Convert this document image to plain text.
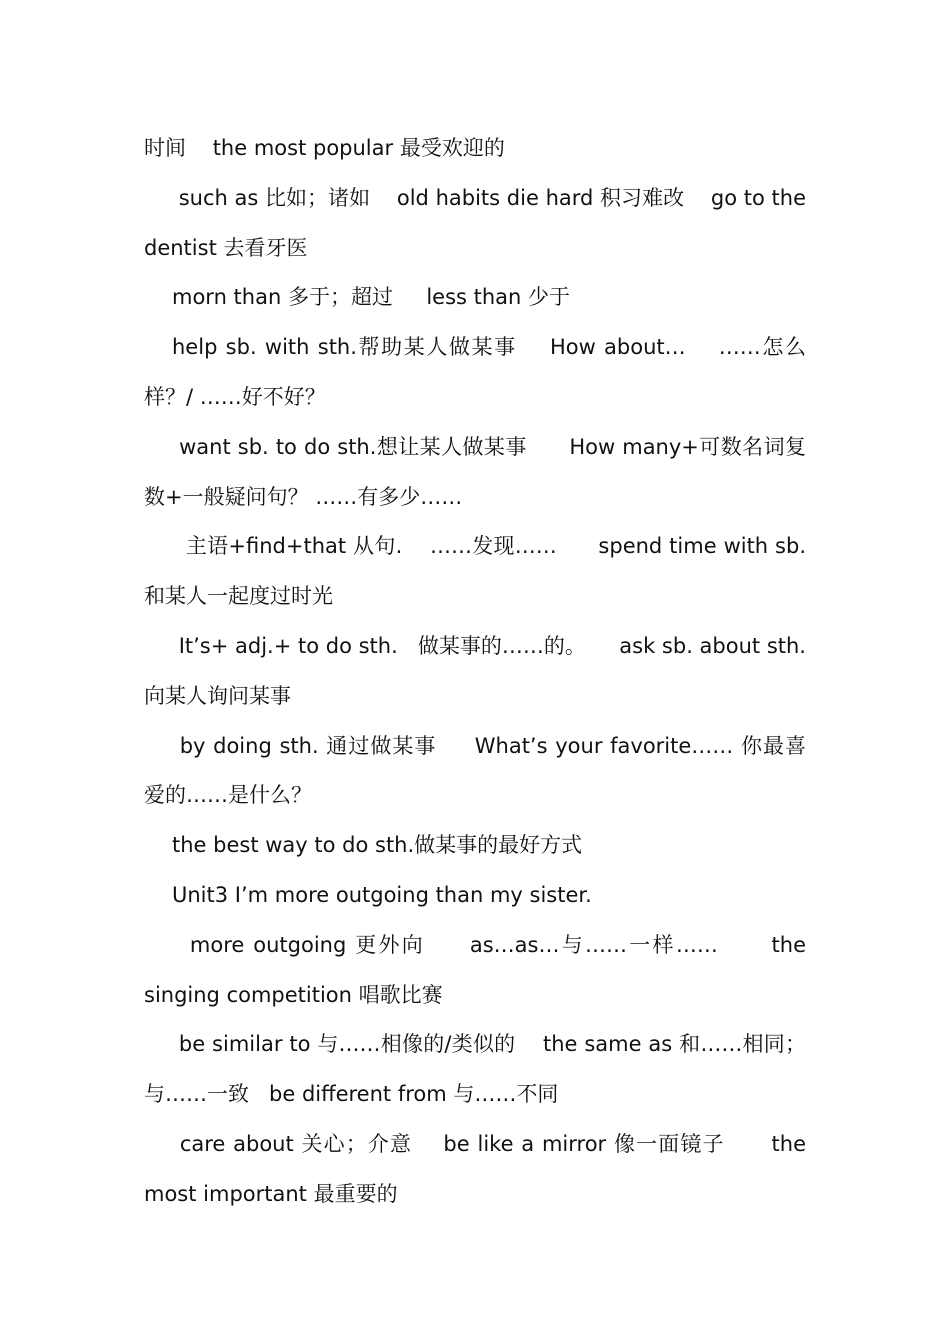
时间    the most popular 最受欢迎的

such as 比如；诸如    old habits die hard 积习难改    go to the dentist 去看牙医

morn than 多于；超过     less than 少于

help sb. with sth.帮助某人做某事    How about…    ……怎么样？/ ……好不好？

want sb. to do sth.想让某人做某事      How many+可数名词复数+一般疑问句？ ……有多少……

主语+find+that 从句.    ……发现……      spend time with sb.和某人一起度过时光

It’s+ adj.+ to do sth.   做某事的……的。     ask sb. about sth.向某人询问某事

by doing sth. 通过做某事     What’s your favorite…… 你最喜爱的……是什么？

the best way to do sth.做某事的最好方式

Unit3 I’m more outgoing than my sister.

more outgoing 更外向     as…as…与……一样……      the singing competition 唱歌比赛

be similar to 与……相像的/类似的    the same as 和……相同；与……一致   be different from 与……不同

care about 关心；介意    be like a mirror 像一面镜子      the most important 最重要的
